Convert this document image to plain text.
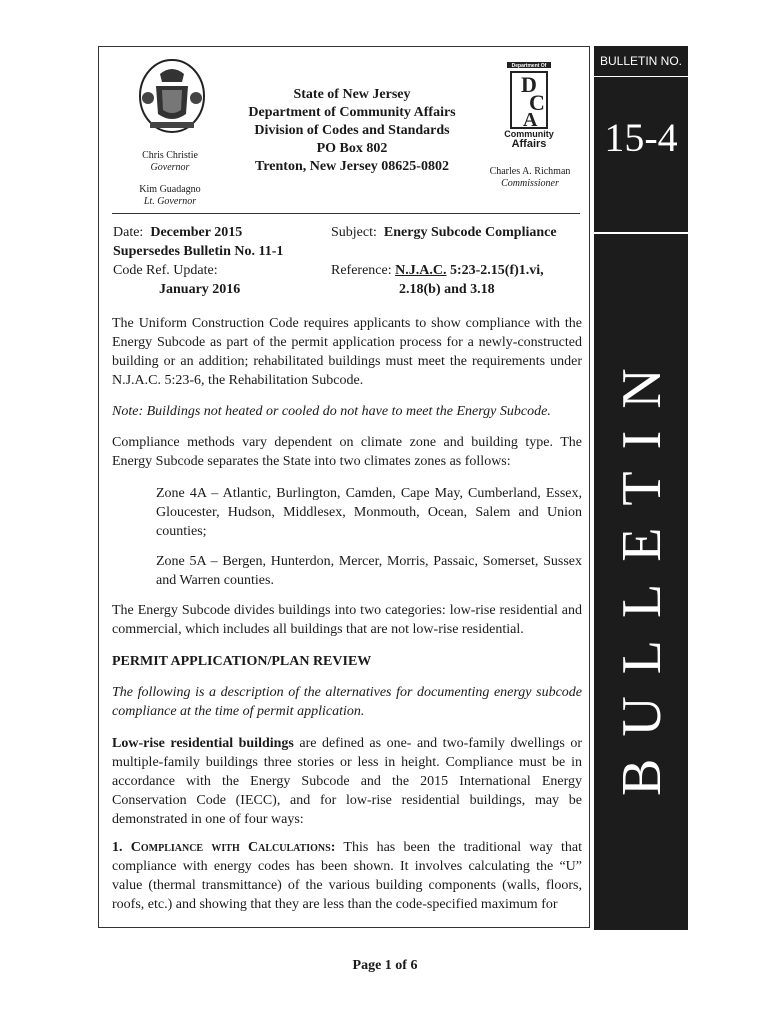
BULLETIN NO.
15-4
BULLETIN
Chris Christie
Governor
Kim Guadagno
Lt. Governor
State of New Jersey
Department of Community Affairs
Division of Codes and Standards
PO Box 802
Trenton, New Jersey 08625-0802
Department Of
D
C
A
Community
Affairs
Charles A. Richman
Commissioner
Date: December 2015
Supersedes Bulletin No. 11-1
Code Ref. Update:
January 2016
Subject: Energy Subcode Compliance
Reference: N.J.A.C. 5:23-2.15(f)1.vi,
2.18(b) and 3.18
The Uniform Construction Code requires applicants to show compliance with the Energy Subcode as part of the permit application process for a newly-constructed building or an addition; rehabilitated buildings must meet the requirements under N.J.A.C. 5:23-6, the Rehabilitation Subcode.
Note: Buildings not heated or cooled do not have to meet the Energy Subcode.
Compliance methods vary dependent on climate zone and building type. The Energy Subcode separates the State into two climates zones as follows:
Zone 4A – Atlantic, Burlington, Camden, Cape May, Cumberland, Essex, Gloucester, Hudson, Middlesex, Monmouth, Ocean, Salem and Union counties;
Zone 5A – Bergen, Hunterdon, Mercer, Morris, Passaic, Somerset, Sussex and Warren counties.
The Energy Subcode divides buildings into two categories: low-rise residential and commercial, which includes all buildings that are not low-rise residential.
PERMIT APPLICATION/PLAN REVIEW
The following is a description of the alternatives for documenting energy subcode compliance at the time of permit application.
Low-rise residential buildings are defined as one- and two-family dwellings or multiple-family buildings three stories or less in height. Compliance must be in accordance with the Energy Subcode and the 2015 International Energy Conservation Code (IECC), and for low-rise residential buildings, may be demonstrated in one of four ways:
1. Compliance with Calculations: This has been the traditional way that compliance with energy codes has been shown. It involves calculating the “U” value (thermal transmittance) of the various building components (walls, floors, roofs, etc.) and showing that they are less than the code-specified maximum for
Page 1 of 6
